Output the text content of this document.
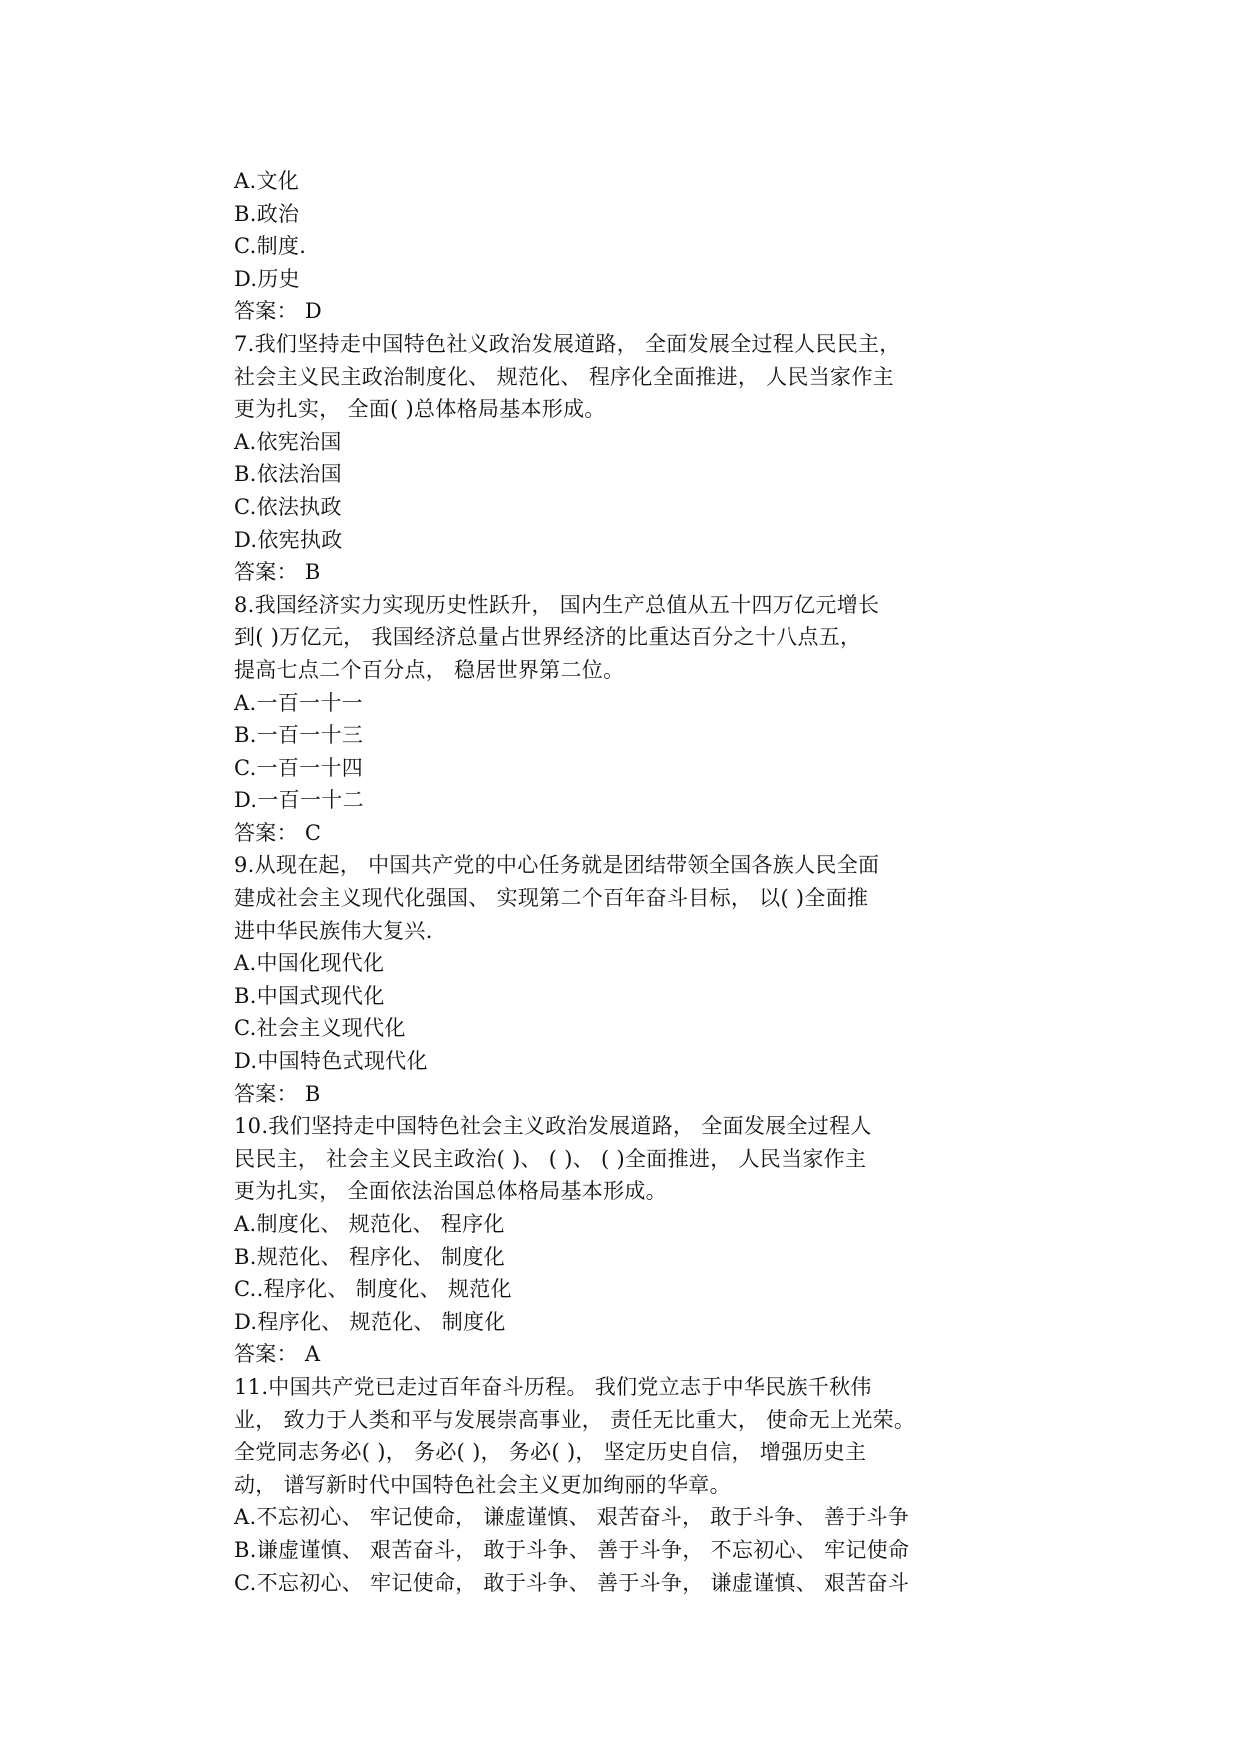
A.文化
B.政治
C.制度.
D.历史
答案： D
7.我们坚持走中国特色社义政治发展道路， 全面发展全过程人民民主，
社会主义民主政治制度化、 规范化、 程序化全面推进， 人民当家作主
更为扎实， 全面( )总体格局基本形成。
A.依宪治国
B.依法治国
C.依法执政
D.依宪执政
答案： B
8.我国经济实力实现历史性跃升， 国内生产总值从五十四万亿元增长
到( )万亿元， 我国经济总量占世界经济的比重达百分之十八点五，
提高七点二个百分点， 稳居世界第二位。
A.一百一十一
B.一百一十三
C.一百一十四
D.一百一十二
答案： C
9.从现在起， 中国共产党的中心任务就是团结带领全国各族人民全面
建成社会主义现代化强国、 实现第二个百年奋斗目标， 以( )全面推
进中华民族伟大复兴.
A.中国化现代化
B.中国式现代化
C.社会主义现代化
D.中国特色式现代化
答案： B
10.我们坚持走中国特色社会主义政治发展道路， 全面发展全过程人
民民主， 社会主义民主政治( )、 ( )、 ( )全面推进， 人民当家作主
更为扎实， 全面依法治国总体格局基本形成。
A.制度化、 规范化、 程序化
B.规范化、 程序化、 制度化
C..程序化、 制度化、 规范化
D.程序化、 规范化、 制度化
答案： A
11.中国共产党已走过百年奋斗历程。 我们党立志于中华民族千秋伟
业， 致力于人类和平与发展崇高事业， 责任无比重大， 使命无上光荣。
全党同志务必( )， 务必( )， 务必( )， 坚定历史自信， 增强历史主
动， 谱写新时代中国特色社会主义更加绚丽的华章。
A.不忘初心、 牢记使命， 谦虚谨慎、 艰苦奋斗， 敢于斗争、 善于斗争
B.谦虚谨慎、 艰苦奋斗， 敢于斗争、 善于斗争， 不忘初心、 牢记使命
C.不忘初心、 牢记使命， 敢于斗争、 善于斗争， 谦虚谨慎、 艰苦奋斗
